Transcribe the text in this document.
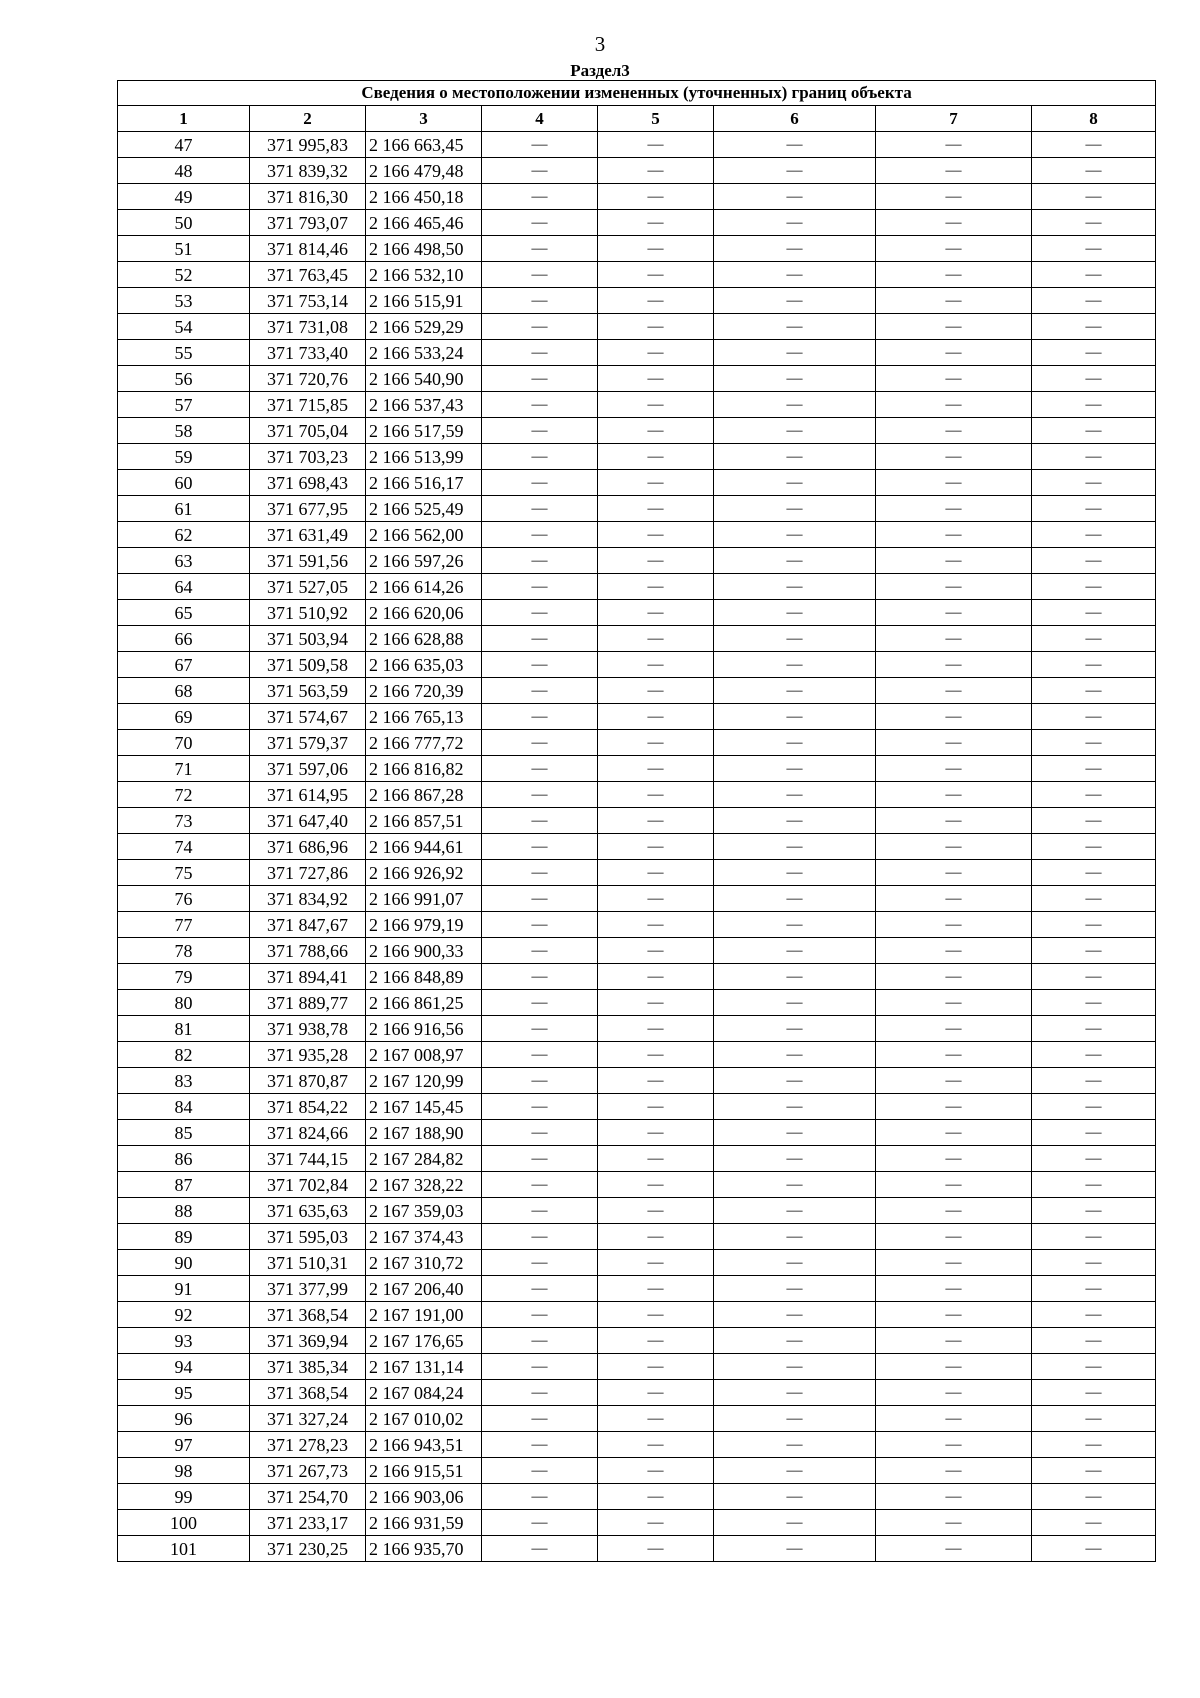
3
Раздел3
Сведения о местоположении измененных (уточненных) границ объекта							
1	2	3	4	5	6	7	8
47	371 995,83	2 166 663,45	—	—	—	—	—
48	371 839,32	2 166 479,48	—	—	—	—	—
49	371 816,30	2 166 450,18	—	—	—	—	—
50	371 793,07	2 166 465,46	—	—	—	—	—
51	371 814,46	2 166 498,50	—	—	—	—	—
52	371 763,45	2 166 532,10	—	—	—	—	—
53	371 753,14	2 166 515,91	—	—	—	—	—
54	371 731,08	2 166 529,29	—	—	—	—	—
55	371 733,40	2 166 533,24	—	—	—	—	—
56	371 720,76	2 166 540,90	—	—	—	—	—
57	371 715,85	2 166 537,43	—	—	—	—	—
58	371 705,04	2 166 517,59	—	—	—	—	—
59	371 703,23	2 166 513,99	—	—	—	—	—
60	371 698,43	2 166 516,17	—	—	—	—	—
61	371 677,95	2 166 525,49	—	—	—	—	—
62	371 631,49	2 166 562,00	—	—	—	—	—
63	371 591,56	2 166 597,26	—	—	—	—	—
64	371 527,05	2 166 614,26	—	—	—	—	—
65	371 510,92	2 166 620,06	—	—	—	—	—
66	371 503,94	2 166 628,88	—	—	—	—	—
67	371 509,58	2 166 635,03	—	—	—	—	—
68	371 563,59	2 166 720,39	—	—	—	—	—
69	371 574,67	2 166 765,13	—	—	—	—	—
70	371 579,37	2 166 777,72	—	—	—	—	—
71	371 597,06	2 166 816,82	—	—	—	—	—
72	371 614,95	2 166 867,28	—	—	—	—	—
73	371 647,40	2 166 857,51	—	—	—	—	—
74	371 686,96	2 166 944,61	—	—	—	—	—
75	371 727,86	2 166 926,92	—	—	—	—	—
76	371 834,92	2 166 991,07	—	—	—	—	—
77	371 847,67	2 166 979,19	—	—	—	—	—
78	371 788,66	2 166 900,33	—	—	—	—	—
79	371 894,41	2 166 848,89	—	—	—	—	—
80	371 889,77	2 166 861,25	—	—	—	—	—
81	371 938,78	2 166 916,56	—	—	—	—	—
82	371 935,28	2 167 008,97	—	—	—	—	—
83	371 870,87	2 167 120,99	—	—	—	—	—
84	371 854,22	2 167 145,45	—	—	—	—	—
85	371 824,66	2 167 188,90	—	—	—	—	—
86	371 744,15	2 167 284,82	—	—	—	—	—
87	371 702,84	2 167 328,22	—	—	—	—	—
88	371 635,63	2 167 359,03	—	—	—	—	—
89	371 595,03	2 167 374,43	—	—	—	—	—
90	371 510,31	2 167 310,72	—	—	—	—	—
91	371 377,99	2 167 206,40	—	—	—	—	—
92	371 368,54	2 167 191,00	—	—	—	—	—
93	371 369,94	2 167 176,65	—	—	—	—	—
94	371 385,34	2 167 131,14	—	—	—	—	—
95	371 368,54	2 167 084,24	—	—	—	—	—
96	371 327,24	2 167 010,02	—	—	—	—	—
97	371 278,23	2 166 943,51	—	—	—	—	—
98	371 267,73	2 166 915,51	—	—	—	—	—
99	371 254,70	2 166 903,06	—	—	—	—	—
100	371 233,17	2 166 931,59	—	—	—	—	—
101	371 230,25	2 166 935,70	—	—	—	—	—
